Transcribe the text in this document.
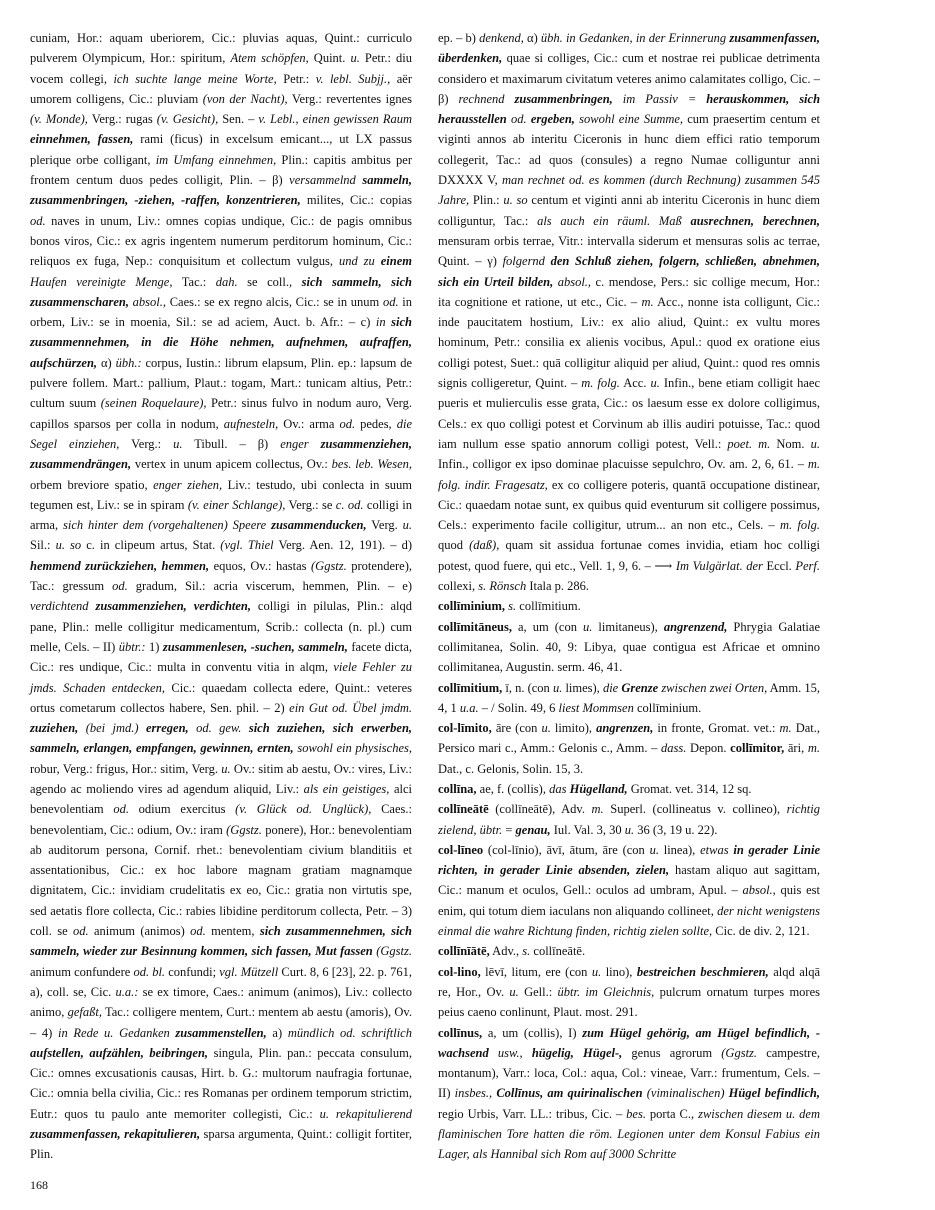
cuniam, Hor.: aquam uberiorem, Cic.: pluvias aquas, Quint.: curriculo pulverem Olympicum, Hor.: spiritum, Atem schöpfen, Quint. u. Petr.: diu vocem collegi, ich suchte lange meine Worte, Petr.: v. lebl. Subjj., aër umorem colligens, Cic.: pluviam (von der Nacht), Verg.: revertentes ignes (v. Monde), Verg.: rugas (v. Gesicht), Sen. – v. Lebl., einen gewissen Raum einnehmen, fassen, rami (ficus) in excelsum emicant..., ut LX passus plerique orbe colligant, im Umfang einnehmen, Plin.: capitis ambitus per frontem centum duos pedes colligit, Plin. – β) versammelnd sammeln, zusammenbringen, -ziehen, -raffen, konzentrieren, milites, Cic.: copias od. naves in unum, Liv.: omnes copias undique, Cic.: de pagis omnibus bonos viros, Cic.: ex agris ingentem numerum perditorum hominum, Cic.: reliquos ex fuga, Nep.: conquisitum et collectum vulgus, und zu einem Haufen vereinigte Menge, Tac.: dah. se coll., sich sammeln, sich zusammenscharen, absol., Caes.: se ex regno alcis, Cic.: se in unum od. in orbem, Liv.: se in moenia, Sil.: se ad aciem, Auct. b. Afr.: – c) in sich zusammennehmen, in die Höhe nehmen, aufnehmen, aufraffen, aufschürzen, α) übh.: corpus, Iustin.: librum elapsum, Plin. ep.: lapsum de pulvere follem. Mart.: pallium, Plaut.: togam, Mart.: tunicam altius, Petr.: cultum suum (seinen Roquelaure), Petr.: sinus fulvo in nodum auro, Verg. capillos sparsos per colla in nodum, aufnesteln, Ov.: arma od. pedes, die Segel einziehen, Verg.: u. Tibull. – β) enger zusammenziehen, zusammendrängen, vertex in unum apicem collectus, Ov.: bes. leb. Wesen, orbem breviore spatio, enger ziehen, Liv.: testudo, ubi conlecta in suum tegumen est, Liv.: se in spiram (v. einer Schlange), Verg.: se c. od. colligi in arma, sich hinter dem (vorgehaltenen) Speere zusammenducken, Verg. u. Sil.: u. so c. in clipeum artus, Stat. (vgl. Thiel Verg. Aen. 12, 191). – d) hemmend zurückziehen, hemmen, equos, Ov.: hastas (Ggstz. protendere), Tac.: gressum od. gradum, Sil.: acria viscerum, hemmen, Plin. – e) verdichtend zusammenziehen, verdichten, colligi in pilulas, Plin.: alqd pane, Plin.: melle colligitur medicamentum, Scrib.: collecta (n. pl.) cum melle, Cels. – II) übtr.: 1) zusammenlesen, -suchen, sammeln, facete dicta, Cic.: res undique, Cic.: multa in conventu vitia in alqm, viele Fehler zu jmds. Schaden entdecken, Cic.: quaedam collecta edere, Quint.: veteres ortus cometarum collectos habere, Sen. phil. – 2) ein Gut od. Übel jmdm. zuziehen, (bei jmd.) erregen, od. gew. sich zuziehen, sich erwerben, sammeln, erlangen, empfangen, gewinnen, ernten, sowohl ein physisches, robur, Verg.: frigus, Hor.: sitim, Verg. u. Ov.: sitim ab aestu, Ov.: vires, Liv.: agendo ac moliendo vires ad agendum aliquid, Liv.: als ein geistiges, alci benevolentiam od. odium exercitus (v. Glück od. Unglück), Caes.: benevolentiam, Cic.: odium, Ov.: iram (Ggstz. ponere), Hor.: benevolentiam ab auditorum persona, Cornif. rhet.: benevolentiam civium blanditiis et assentationibus, Cic.: ex hoc labore magnam gratiam magnamque dignitatem, Cic.: invidiam crudelitatis ex eo, Cic.: gratia non virtutis spe, sed aetatis flore collecta, Cic.: rabies libidine perditorum collecta, Petr. – 3) coll. se od. animum (animos) od. mentem, sich zusammennehmen, sich sammeln, wieder zur Besinnung kommen, sich fassen, Mut fassen (Ggstz. animum confundere od. bl. confundi; vgl. Mützell Curt. 8, 6 [23], 22. p. 761, a), coll. se, Cic. u.a.: se ex timore, Caes.: animum (animos), Liv.: collecto animo, gefaßt, Tac.: colligere mentem, Curt.: mentem ab aestu (amoris), Ov. – 4) in Rede u. Gedanken zusammenstellen, a) mündlich od. schriftlich aufstellen, aufzählen, beibringen, singula, Plin. pan.: peccata consulum, Cic.: omnes excusationis causas, Hirt. b. G.: multorum naufragia fortunae, Cic.: omnia bella civilia, Cic.: res Romanas per ordinem temporum strictim, Eutr.: quos tu paulo ante memoriter collegisti, Cic.: u. rekapitulierend zusammenfassen, rekapitulieren, sparsa argumenta, Quint.: colligit fortiter, Plin.

ep. – b) denkend, α) übh. in Gedanken, in der Erinnerung zusammenfassen, überdenken, quae si colliges, Cic.: cum et nostrae rei publicae detrimenta considero et maximarum civitatum veteres animo calamitates colligo, Cic. – β) rechnend zusammenbringen, im Passiv = herauskommen, sich herausstellen od. ergeben, sowohl eine Summe, cum praesertim centum et viginti annos ab interitu Ciceronis in hunc diem effici ratio temporum collegerit, Tac.: ad quos (consules) a regno Numae colliguntur anni DXXXX V, man rechnet od. es kommen (durch Rechnung) zusammen 545 Jahre, Plin.: u. so centum et viginti anni ab interitu Ciceronis in hunc diem colliguntur, Tac.: als auch ein räuml. Maß ausrechnen, berechnen, mensuram orbis terrae, Vitr.: intervalla siderum et mensuras solis ac terrae, Quint. – γ) folgernd den Schluß ziehen, folgern, schließen, abnehmen, sich ein Urteil bilden, absol., c. mendose, Pers.: sic collige mecum, Hor.: ita cognitione et ratione, ut etc., Cic. – m. Acc., nonne ista colligunt, Cic.: inde paucitatem hostium, Liv.: ex alio aliud, Quint.: ex vultu mores hominum, Petr.: consilia ex alienis vocibus, Apul.: quod ex oratione eius colligi potest, Suet.: quā colligitur aliquid per aliud, Quint.: quod res omnis signis colligeretur, Quint. – m. folg. Acc. u. Infin., bene etiam colligit haec pueris et mulierculis esse grata, Cic.: os laesum esse ex dolore colligimus, Cels.: ex quo colligi potest et Corvinum ab illis audiri potuisse, Tac.: quod iam nullum esse spatio annorum colligi potest, Vell.: poet. m. Nom. u. Infin., colligor ex ipso dominae placuisse sepulchro, Ov. am. 2, 6, 61. – m. folg. indir. Fragesatz, ex co colligere poteris, quantā occupatione distinear, Cic.: quaedam notae sunt, ex quibus quid eventurum sit colligere possimus, Cels.: experimento facile colligitur, utrum... an non etc., Cels. – m. folg. quod (daß), quam sit assidua fortunae comes invidia, etiam hoc colligi potest, quod fuere, qui etc., Vell. 1, 9, 6. – ⟶ Im Vulgärlat. der Eccl. Perf. collexi, s. Rönsch Itala p. 286.

collīminium, s. collīmitium.

collīmitāneus, a, um (con u. limitaneus), angrenzend, Phrygia Galatiae collimitanea, Solin. 40, 9: Libya, quae contigua est Africae et omnino collimitanea, Augustin. serm. 46, 41.

collīmitium, ī, n. (con u. limes), die Grenze zwischen zwei Orten, Amm. 15, 4, 1 u.a. – / Solin. 49, 6 liest Mommsen collīminium.

col-līmito, āre (con u. limito), angrenzen, in fronte, Gromat. vet.: m. Dat., Persico mari c., Amm.: Gelonis c., Amm. – dass. Depon. collīmitor, āri, m. Dat., c. Gelonis, Solin. 15, 3.

collīna, ae, f. (collis), das Hügelland, Gromat. vet. 314, 12 sq.

collīneātē (collīneātē), Adv. m. Superl. (collineatus v. collineo), richtig zielend, übtr. = genau, Iul. Val. 3, 30 u. 36 (3, 19 u. 22).

col-līneo (col-līnio), āvī, ātum, āre (con u. linea), etwas in gerader Linie richten, in gerader Linie absenden, zielen, hastam aliquo aut sagittam, Cic.: manum et oculos, Gell.: oculos ad umbram, Apul. – absol., quis est enim, qui totum diem iaculans non aliquando collineet, der nicht wenigstens einmal die wahre Richtung finden, richtig zielen sollte, Cic. de div. 2, 121.

collīnīātē, Adv., s. collīneātē.

col-lino, lēvī, litum, ere (con u. lino), bestreichen beschmieren, alqd alqā re, Hor., Ov. u. Gell.: übtr. im Gleichnis, pulcrum ornatum turpes mores peius caeno conlinunt, Plaut. most. 291.

collīnus, a, um (collis), I) zum Hügel gehörig, am Hügel befindlich, -wachsend usw., hügelig, Hügel-, genus agrorum (Ggstz. campestre, montanum), Varr.: loca, Col.: aqua, Col.: vineae, Varr.: frumentum, Cels. – II) insbes., Collīnus, am quirinalischen (viminalischen) Hügel befindlich, regio Urbis, Varr. LL.: tribus, Cic. – bes. porta C., zwischen diesem u. dem flaminischen Tore hatten die röm. Legionen unter dem Konsul Fabius ein Lager, als Hannibal sich Rom auf 3000 Schritte

168
